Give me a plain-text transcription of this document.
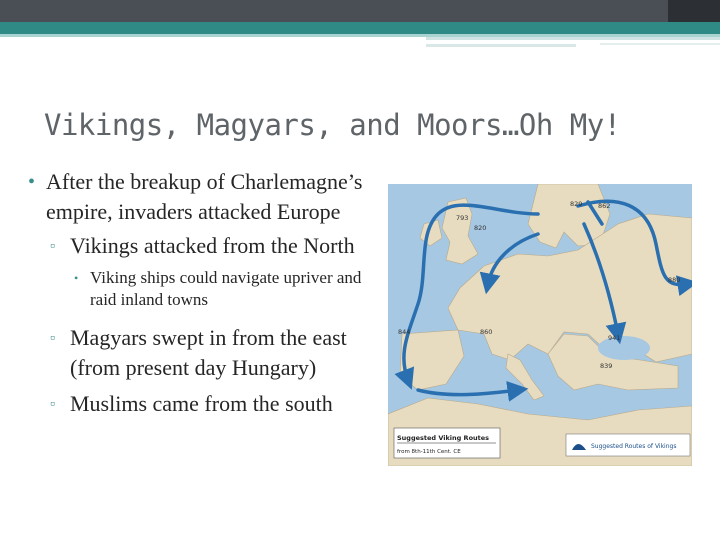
Vikings, Magyars, and Moors…Oh My!
• After the breakup of Charlemagne’s empire, invaders attacked Europe
▫ Vikings attacked from the North
• Viking ships could navigate upriver and raid inland towns
▫ Magyars swept in from the east (from present day Hungary)
▫ Muslims came from the south
829 862
793
820
880
844	860
941
839
Suggested Viking Routes
from 8th-11th Cent. CE
Suggested Routes of Vikings
